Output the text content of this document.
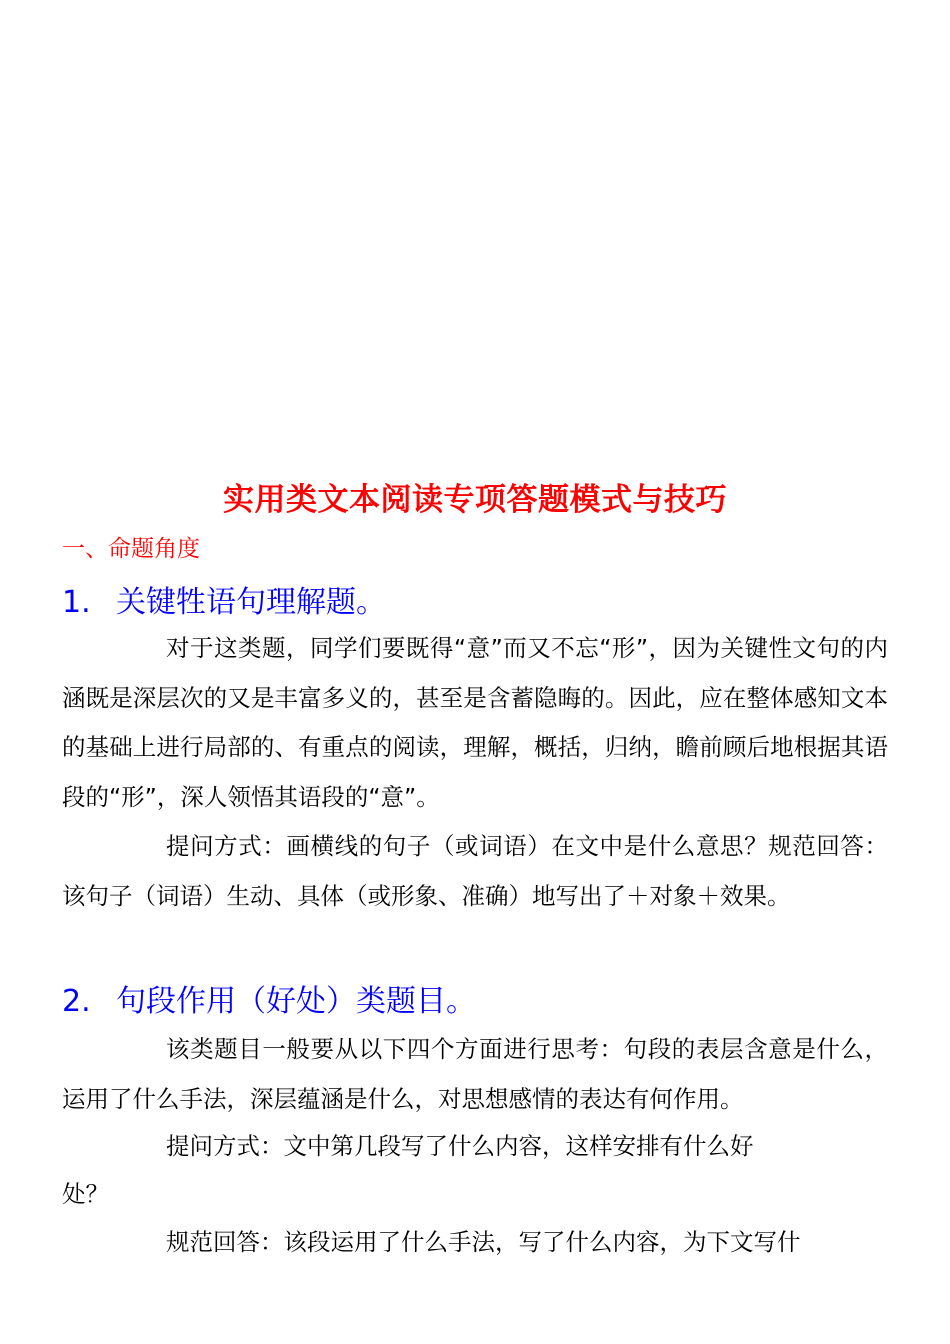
实用类文本阅读专项答题模式与技巧
一、命题角度
1. 关键牲语句理解题。
对于这类题，同学们要既得“意”而又不忘“形”，因为关键性文句的内涵既是深层次的又是丰富多义的，甚至是含蓄隐晦的。因此，应在整体感知文本的基础上进行局部的、有重点的阅读，理解，概括，归纳，瞻前顾后地根据其语段的“形”，深人领悟其语段的“意”。
提问方式：画横线的句子（或词语）在文中是什么意思？规范回答：该句子（词语）生动、具体（或形象、准确）地写出了＋对象＋效果。
2. 句段作用（好处）类题目。
该类题目一般要从以下四个方面进行思考：句段的表层含意是什么，运用了什么手法，深层蕴涵是什么，对思想感情的表达有何作用。
提问方式：文中第几段写了什么内容，这样安排有什么好
处？
规范回答：该段运用了什么手法，写了什么内容，为下文写什
